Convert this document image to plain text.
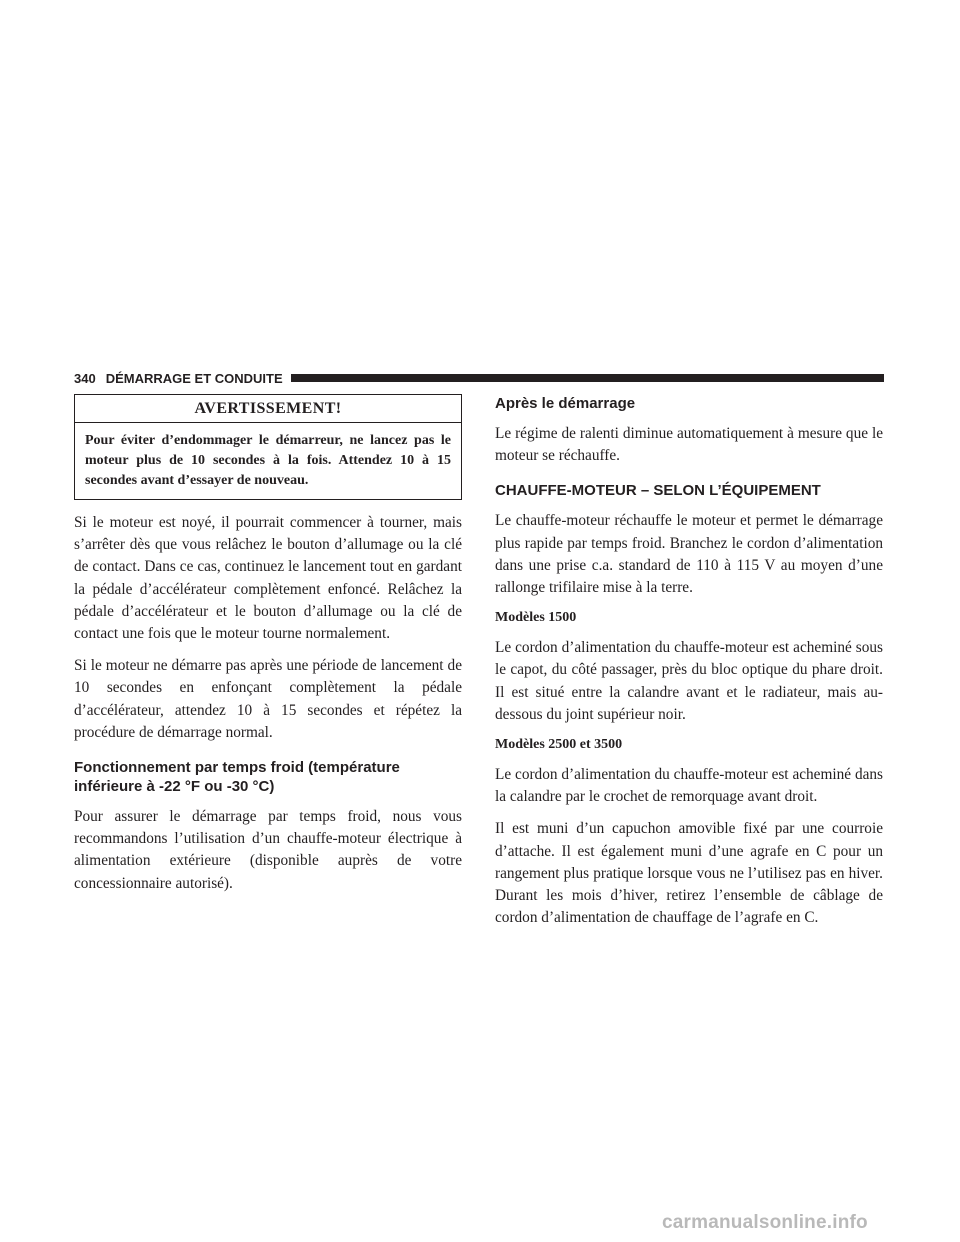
340 DÉMARRAGE ET CONDUITE
AVERTISSEMENT!
Pour éviter d’endommager le démarreur, ne lancez pas le moteur plus de 10 secondes à la fois. Attendez 10 à 15 secondes avant d’essayer de nouveau.

Si le moteur est noyé, il pourrait commencer à tourner, mais s’arrêter dès que vous relâchez le bouton d’allumage ou la clé de contact. Dans ce cas, continuez le lancement tout en gardant la pédale d’accélérateur complètement enfoncé. Relâchez la pédale d’accélérateur et le bouton d’allumage ou la clé de contact une fois que le moteur tourne normalement.

Si le moteur ne démarre pas après une période de lancement de 10 secondes en enfonçant complètement la pédale d’accélérateur, attendez 10 à 15 secondes et répétez la procédure de démarrage normal.

Fonctionnement par temps froid (température inférieure à -22 °F ou -30 °C)

Pour assurer le démarrage par temps froid, nous vous recommandons l’utilisation d’un chauffe-moteur électrique à alimentation extérieure (disponible auprès de votre concessionnaire autorisé).

Après le démarrage

Le régime de ralenti diminue automatiquement à mesure que le moteur se réchauffe.

CHAUFFE-MOTEUR – SELON L’ÉQUIPEMENT

Le chauffe-moteur réchauffe le moteur et permet le démarrage plus rapide par temps froid. Branchez le cordon d’alimentation dans une prise c.a. standard de 110 à 115 V au moyen d’une rallonge trifilaire mise à la terre.

Modèles 1500

Le cordon d’alimentation du chauffe-moteur est acheminé sous le capot, du côté passager, près du bloc optique du phare droit. Il est situé entre la calandre avant et le radiateur, mais au-dessous du joint supérieur noir.

Modèles 2500 et 3500

Le cordon d’alimentation du chauffe-moteur est acheminé dans la calandre par le crochet de remorquage avant droit.

Il est muni d’un capuchon amovible fixé par une courroie d’attache. Il est également muni d’une agrafe en C pour un rangement plus pratique lorsque vous ne l’utilisez pas en hiver. Durant les mois d’hiver, retirez l’ensemble de câblage de cordon d’alimentation de chauffage de l’agrafe en C.

carmanualsonline.info
